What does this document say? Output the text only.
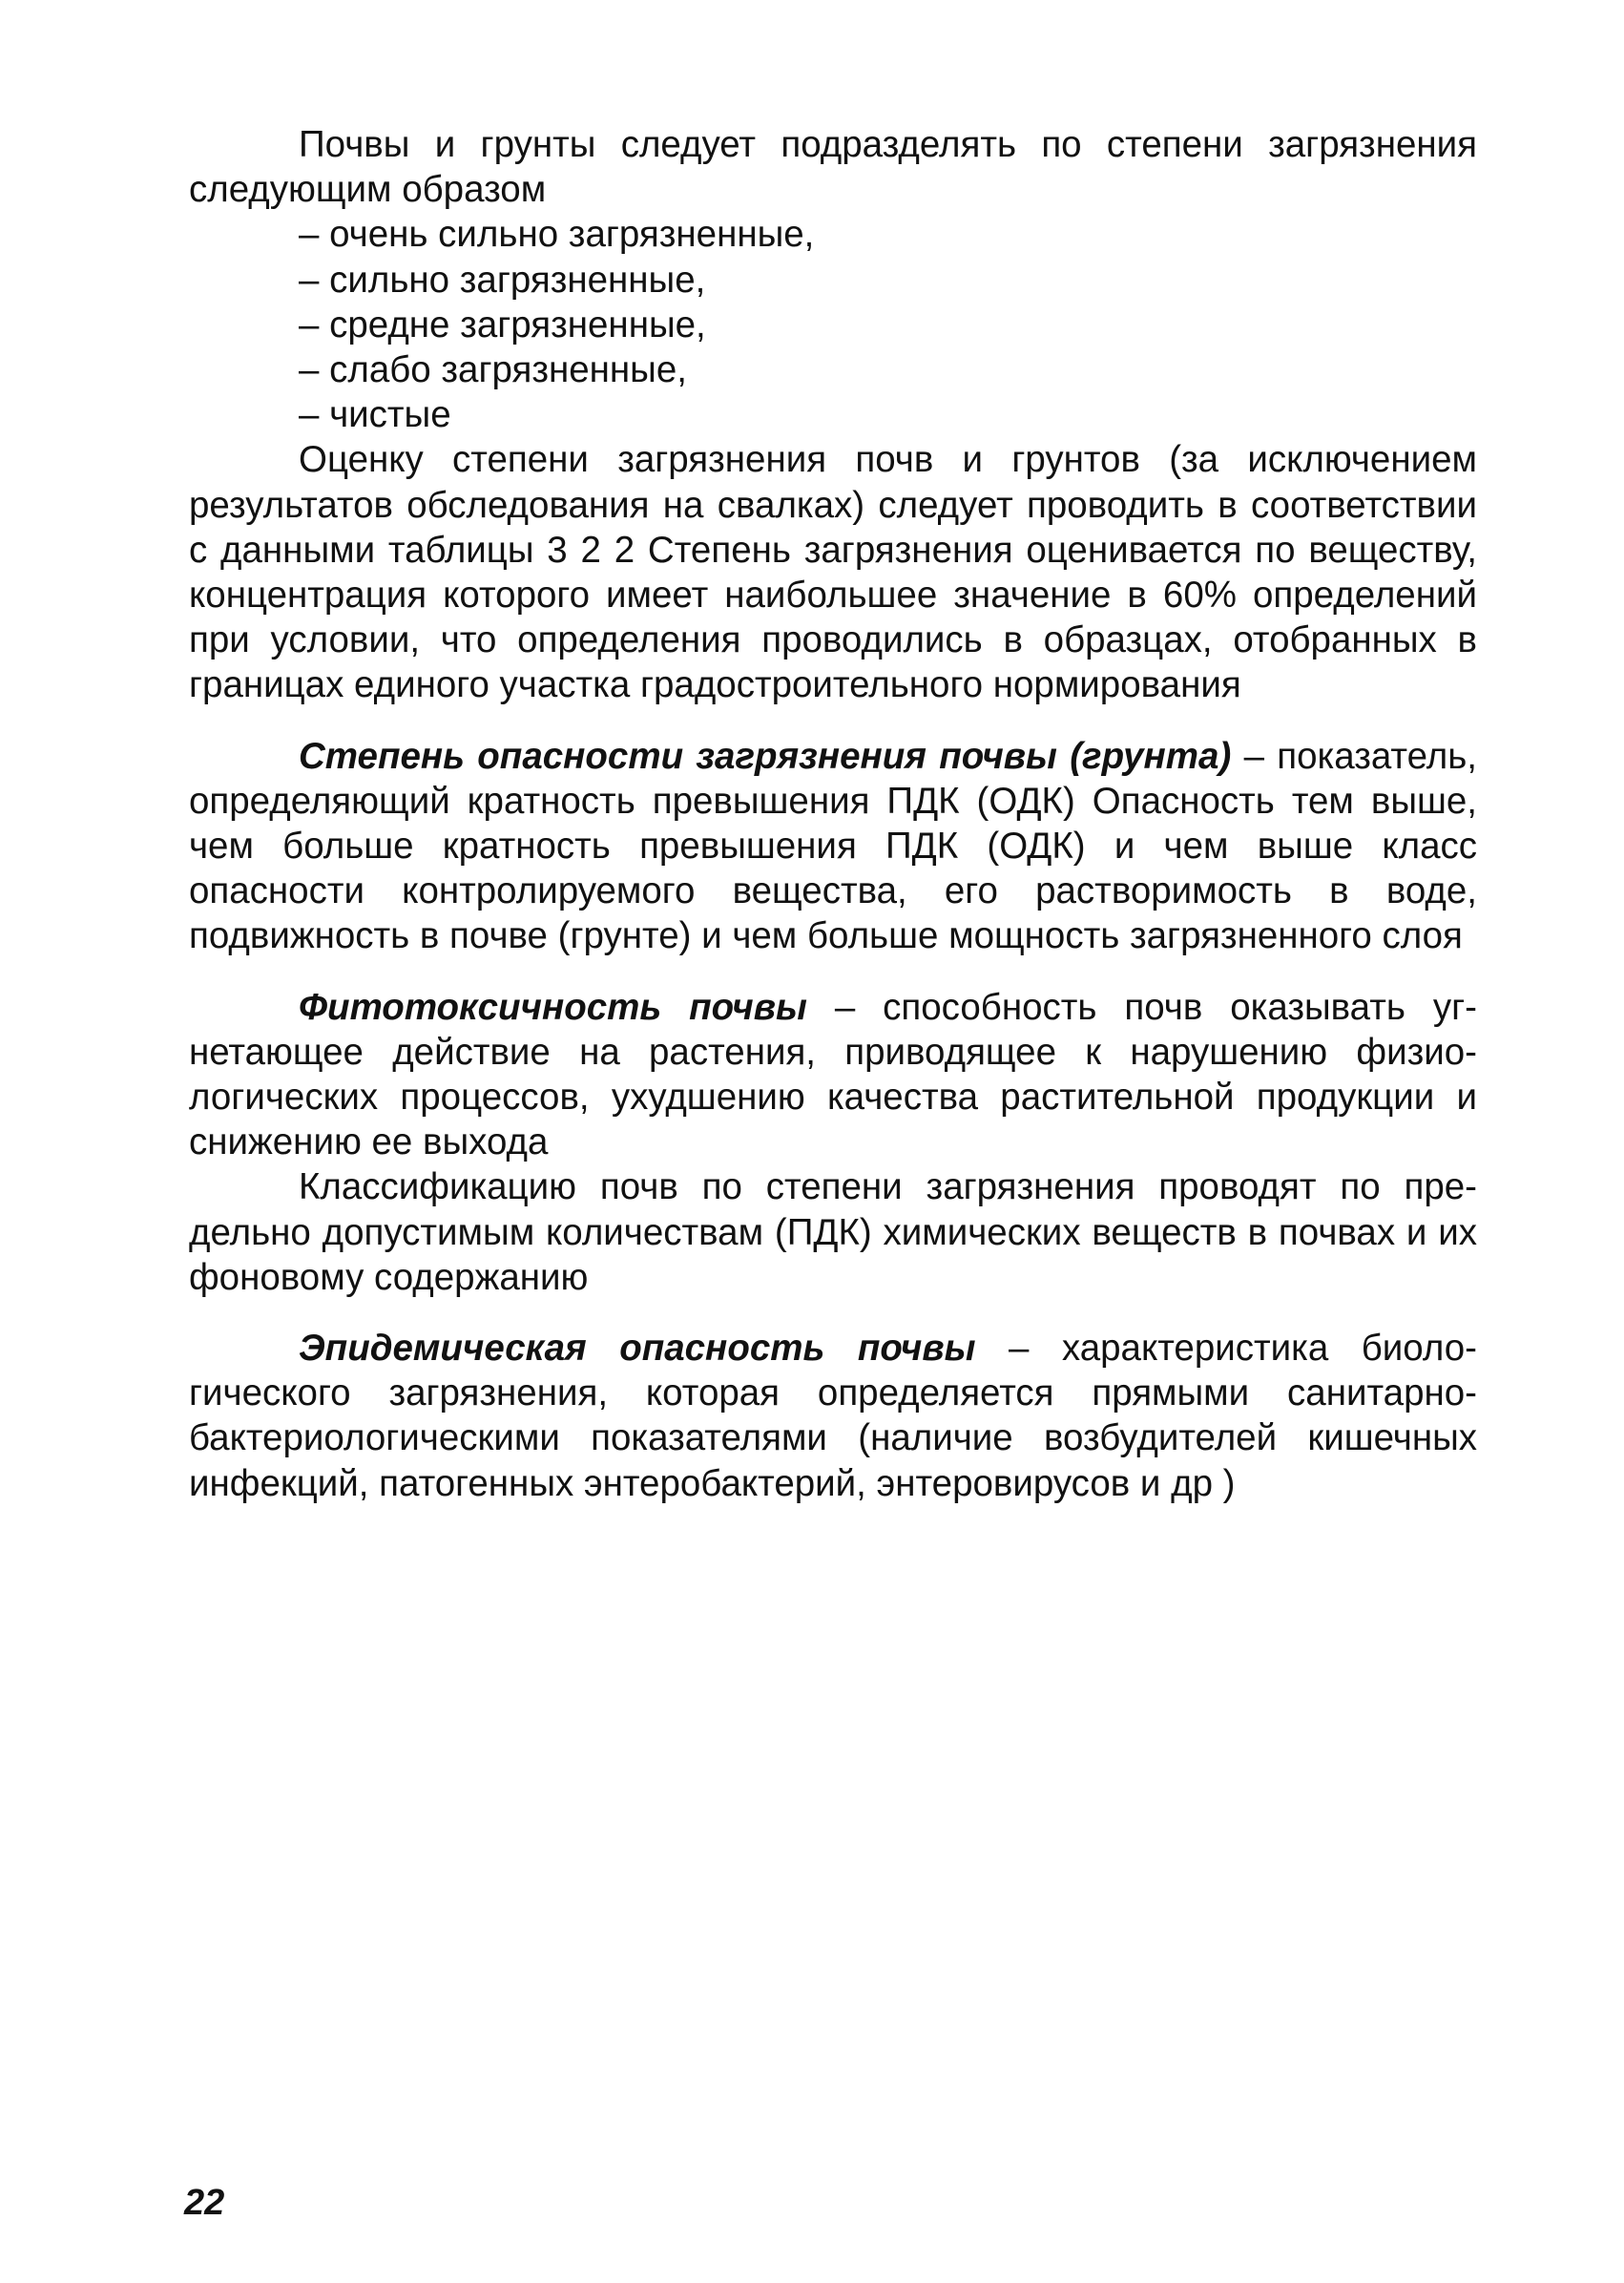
Почвы и грунты следует подразделять по степени загрязнения следующим образом

– очень сильно загрязненные,
– сильно загрязненные,
– средне загрязненные,
– слабо загрязненные,
– чистые

Оценку степени загрязнения почв и грунтов (за исключением результатов обследования на свалках) следует проводить в соответствии с данными таблицы 3 2 2 Степень загрязнения оценивается по веществу, концентрация которого имеет наибольшее значение в 60% определений при условии, что определения проводились в образцах, отобранных в границах единого участка градостроительного нормирования

Степень опасности загрязнения почвы (грунта) – показатель, определяющий кратность превышения ПДК (ОДК) Опасность тем выше, чем больше кратность превышения ПДК (ОДК) и чем выше класс опасности контролируемого вещества, его растворимость в воде, подвижность в почве (грунте) и чем больше мощность загрязненного слоя

Фитотоксичность почвы – способность почв оказывать угнетающее действие на растения, приводящее к нарушению физиологических процессов, ухудшению качества растительной продукции и снижению ее выхода

Классификацию почв по степени загрязнения проводят по предельно допустимым количествам (ПДК) химических веществ в почвах и их фоновому содержанию

Эпидемическая опасность почвы – характеристика биологического загрязнения, которая определяется прямыми санитарно-бактериологическими показателями (наличие возбудителей кишечных инфекций, патогенных энтеробактерий, энтеровирусов и др )

22
